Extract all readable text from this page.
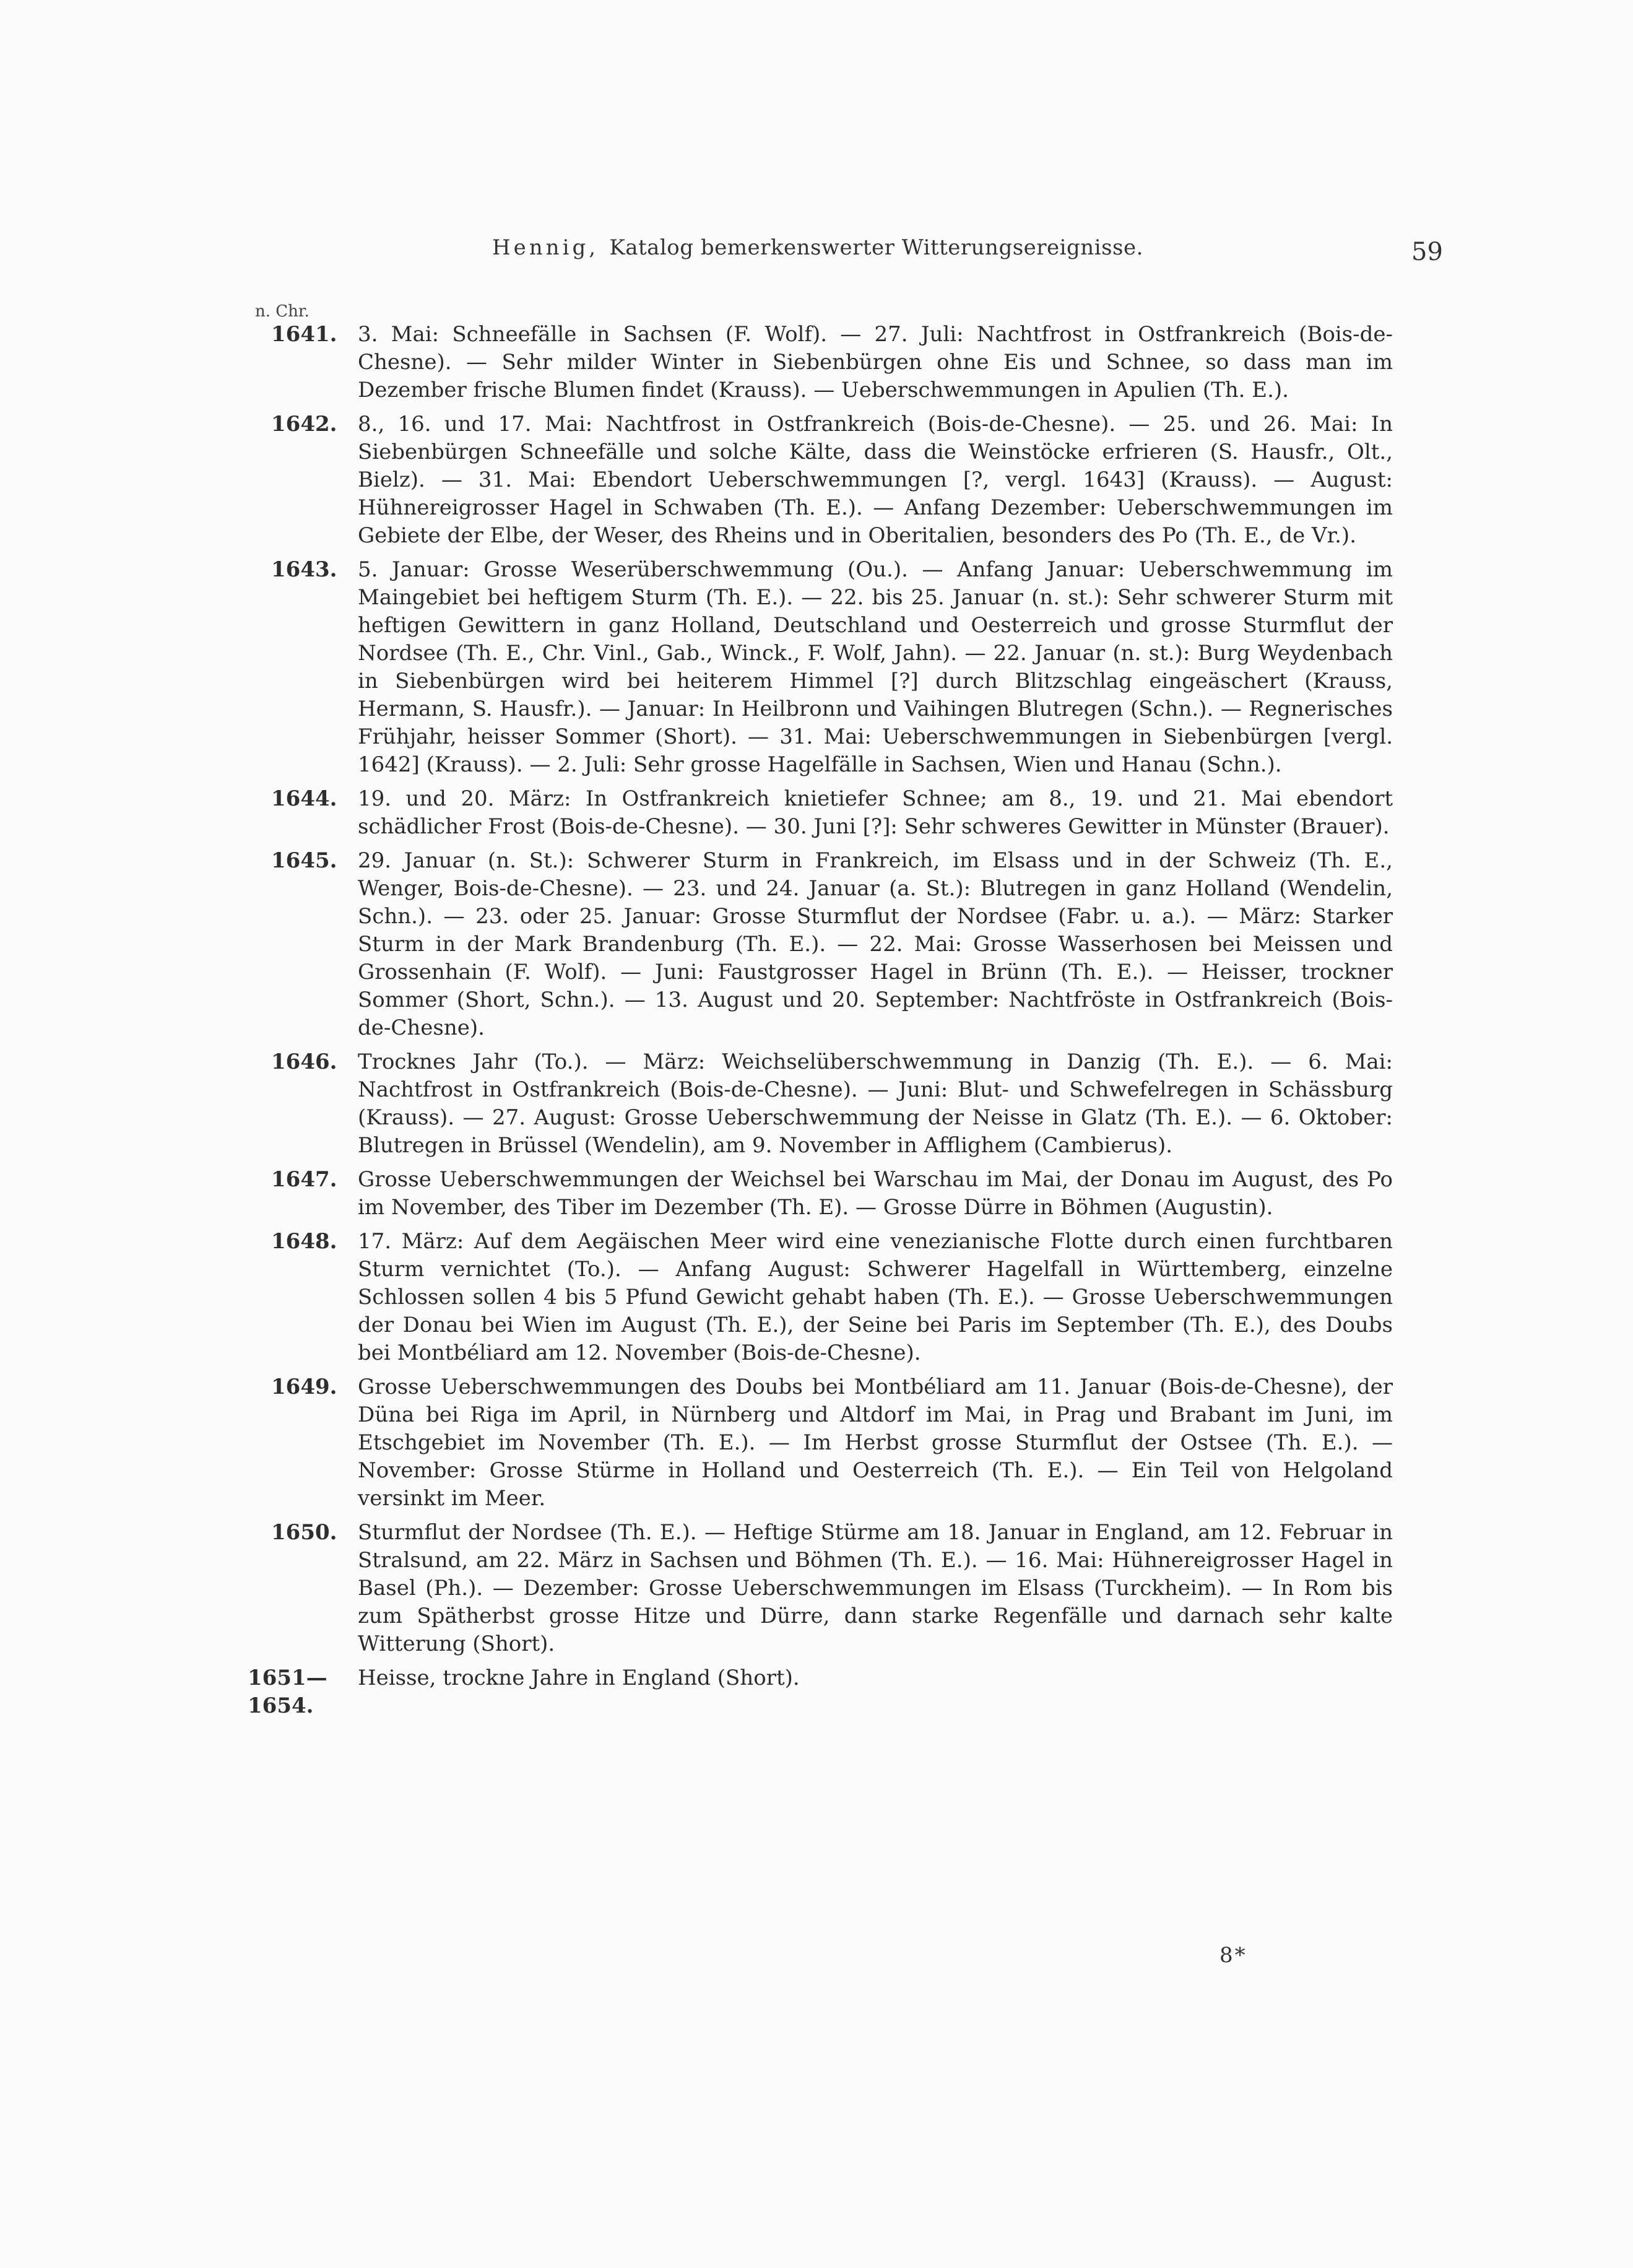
Hennig, Katalog bemerkenswerter Witterungsereignisse.	59
n. Chr.
1641. 3. Mai: Schneefälle in Sachsen (F. Wolf). — 27. Juli: Nachtfrost in Ostfrankreich (Bois-de-Chesne). — Sehr milder Winter in Siebenbürgen ohne Eis und Schnee, so dass man im Dezember frische Blumen findet (Krauss). — Ueberschwemmungen in Apulien (Th. E.).
1642. 8., 16. und 17. Mai: Nachtfrost in Ostfrankreich (Bois-de-Chesne). — 25. und 26. Mai: In Siebenbürgen Schneefälle und solche Kälte, dass die Weinstöcke erfrieren (S. Hausfr., Olt., Bielz). — 31. Mai: Ebendort Ueberschwemmungen [?, vergl. 1643] (Krauss). — August: Hühnereigrosser Hagel in Schwaben (Th. E.). — Anfang Dezember: Ueberschwemmungen im Gebiete der Elbe, der Weser, des Rheins und in Oberitalien, besonders des Po (Th. E., de Vr.).
1643. 5. Januar: Grosse Weserüberschwemmung (Ou.). — Anfang Januar: Ueberschwemmung im Maingebiet bei heftigem Sturm (Th. E.). — 22. bis 25. Januar (n. st.): Sehr schwerer Sturm mit heftigen Gewittern in ganz Holland, Deutschland und Oesterreich und grosse Sturmflut der Nordsee (Th. E., Chr. Vinl., Gab., Winck., F. Wolf, Jahn). — 22. Januar (n. st.): Burg Weydenbach in Siebenbürgen wird bei heiterem Himmel [?] durch Blitzschlag eingeäschert (Krauss, Hermann, S. Hausfr.). — Januar: In Heilbronn und Vaihingen Blutregen (Schn.). — Regnerisches Frühjahr, heisser Sommer (Short). — 31. Mai: Ueberschwemmungen in Siebenbürgen [vergl. 1642] (Krauss). — 2. Juli: Sehr grosse Hagelfälle in Sachsen, Wien und Hanau (Schn.).
1644. 19. und 20. März: In Ostfrankreich knietiefer Schnee; am 8., 19. und 21. Mai ebendort schädlicher Frost (Bois-de-Chesne). — 30. Juni [?]: Sehr schweres Gewitter in Münster (Brauer).
1645. 29. Januar (n. St.): Schwerer Sturm in Frankreich, im Elsass und in der Schweiz (Th. E., Wenger, Bois-de-Chesne). — 23. und 24. Januar (a. St.): Blutregen in ganz Holland (Wendelin, Schn.). — 23. oder 25. Januar: Grosse Sturmflut der Nordsee (Fabr. u. a.). — März: Starker Sturm in der Mark Brandenburg (Th. E.). — 22. Mai: Grosse Wasserhosen bei Meissen und Grossenhain (F. Wolf). — Juni: Faustgrosser Hagel in Brünn (Th. E.). — Heisser, trockner Sommer (Short, Schn.). — 13. August und 20. September: Nachtfröste in Ostfrankreich (Bois-de-Chesne).
1646. Trocknes Jahr (To.). — März: Weichselüberschwemmung in Danzig (Th. E.). — 6. Mai: Nachtfrost in Ostfrankreich (Bois-de-Chesne). — Juni: Blut- und Schwefelregen in Schässburg (Krauss). — 27. August: Grosse Ueberschwemmung der Neisse in Glatz (Th. E.). — 6. Oktober: Blutregen in Brüssel (Wendelin), am 9. November in Afflighem (Cambierus).
1647. Grosse Ueberschwemmungen der Weichsel bei Warschau im Mai, der Donau im August, des Po im November, des Tiber im Dezember (Th. E). — Grosse Dürre in Böhmen (Augustin).
1648. 17. März: Auf dem Aegäischen Meer wird eine venezianische Flotte durch einen furchtbaren Sturm vernichtet (To.). — Anfang August: Schwerer Hagelfall in Württemberg, einzelne Schlossen sollen 4 bis 5 Pfund Gewicht gehabt haben (Th. E.). — Grosse Ueberschwemmungen der Donau bei Wien im August (Th. E.), der Seine bei Paris im September (Th. E.), des Doubs bei Montbéliard am 12. November (Bois-de-Chesne).
1649. Grosse Ueberschwemmungen des Doubs bei Montbéliard am 11. Januar (Bois-de-Chesne), der Düna bei Riga im April, in Nürnberg und Altdorf im Mai, in Prag und Brabant im Juni, im Etschgebiet im November (Th. E.). — Im Herbst grosse Sturmflut der Ostsee (Th. E.). — November: Grosse Stürme in Holland und Oesterreich (Th. E.). — Ein Teil von Helgoland versinkt im Meer.
1650. Sturmflut der Nordsee (Th. E.). — Heftige Stürme am 18. Januar in England, am 12. Februar in Stralsund, am 22. März in Sachsen und Böhmen (Th. E.). — 16. Mai: Hühnereigrosser Hagel in Basel (Ph.). — Dezember: Grosse Ueberschwemmungen im Elsass (Turckheim). — In Rom bis zum Spätherbst grosse Hitze und Dürre, dann starke Regenfälle und darnach sehr kalte Witterung (Short).
1651—1654.
Heisse, trockne Jahre in England (Short).
8*
